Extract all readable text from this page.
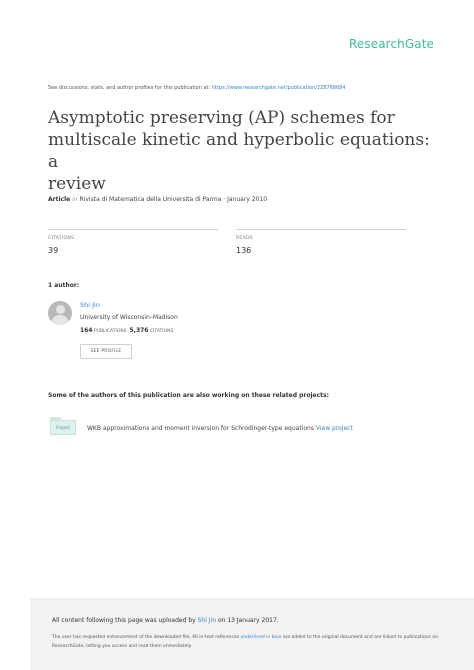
ResearchGate
See discussions, stats, and author profiles for this publication at: https://www.researchgate.net/publication/228768684
Asymptotic preserving (AP) schemes for
multiscale kinetic and hyperbolic equations: a
review
Article in Rivista di Matematica della Universita di Parma · January 2010
CITATIONS
39
READS
136
1 author:
Shi Jin
University of Wisconsin–Madison
164 PUBLICATIONS 5,376 CITATIONS
SEE PROFILE
Some of the authors of this publication are also working on these related projects:
Project	WKB approximations and moment inversion for Schrodinger-type equations View project
All content following this page was uploaded by Shi Jin on 13 January 2017.
The user has requested enhancement of the downloaded file. All in-text references underlined in blue are added to the original document and are linked to publications on ResearchGate, letting you access and read them immediately.
